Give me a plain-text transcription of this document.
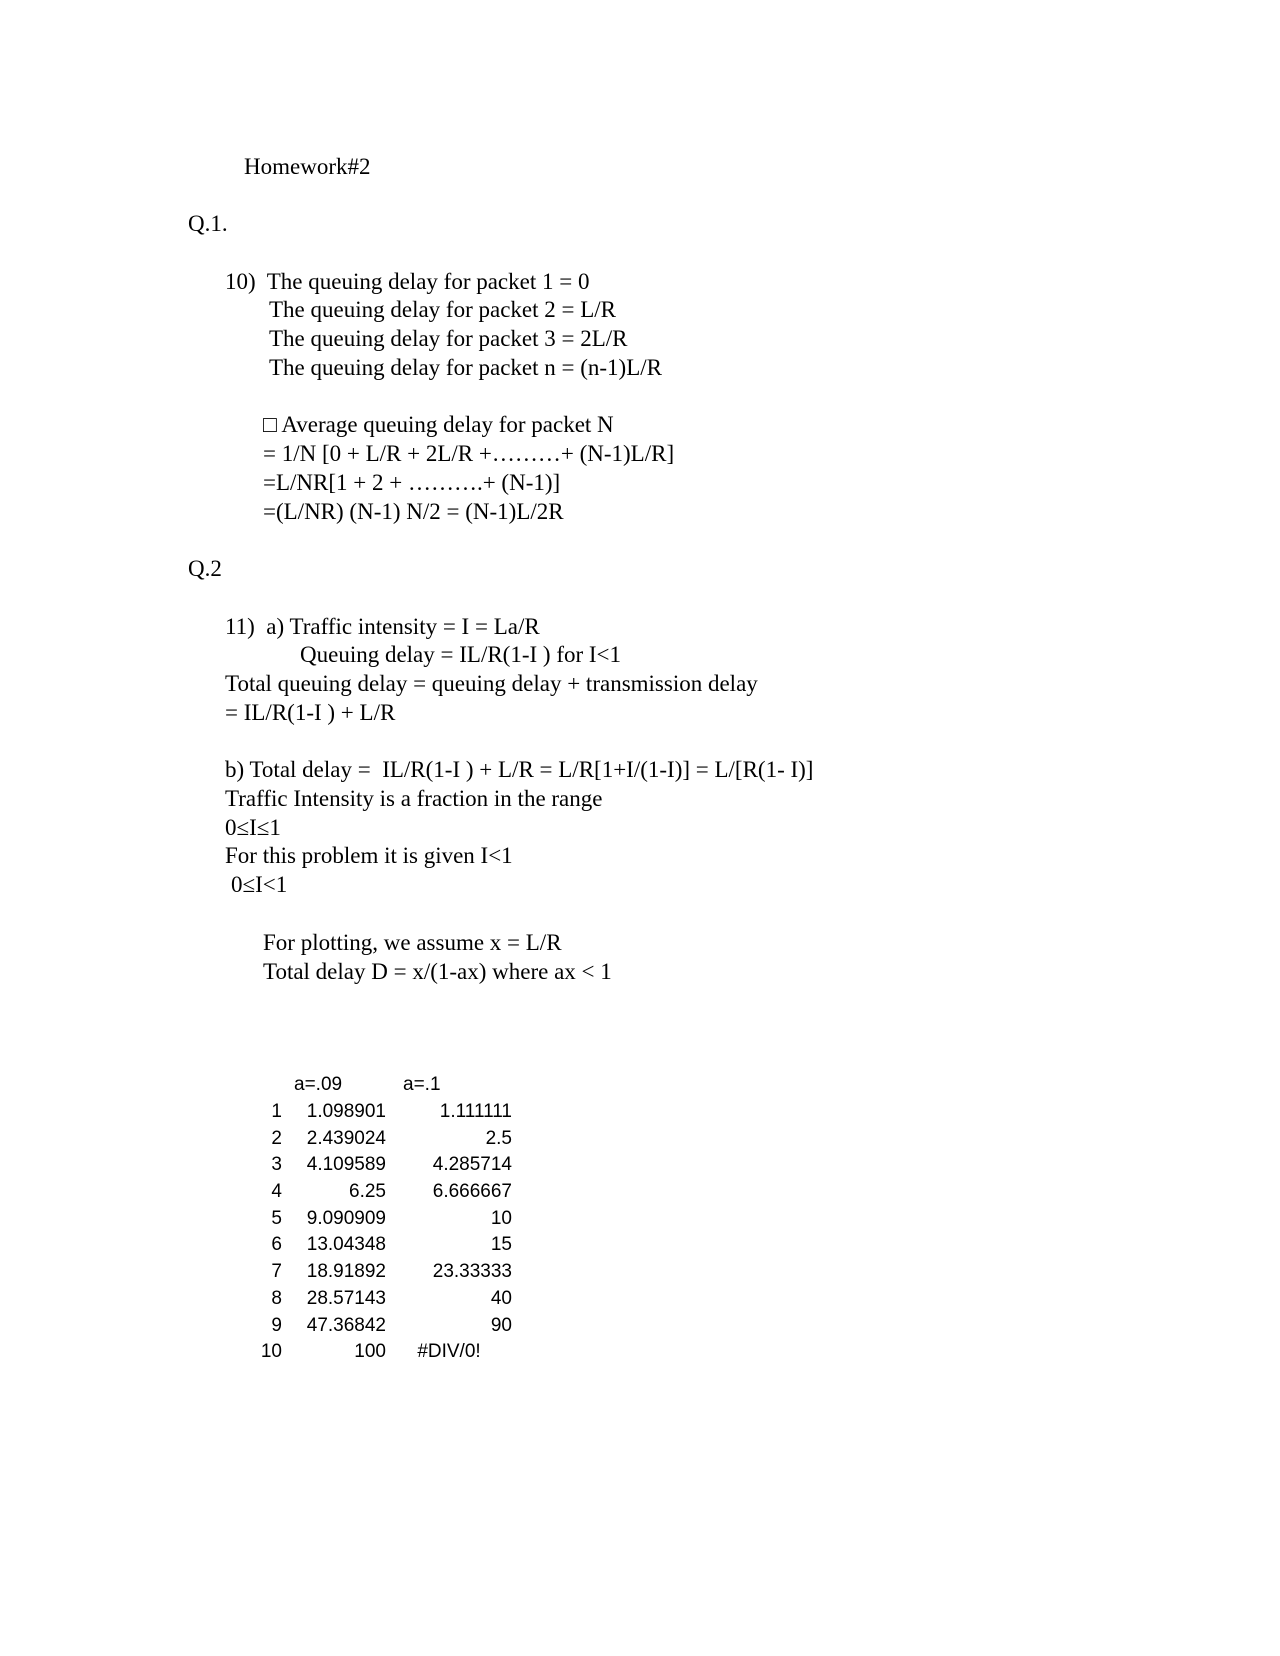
Homework#2
Q.1.
10)  The queuing delay for packet 1 = 0
The queuing delay for packet 2 = L/R
The queuing delay for packet 3 = 2L/R
The queuing delay for packet n = (n-1)L/R
□ Average queuing delay for packet N
= 1/N [0 + L/R + 2L/R +………+ (N-1)L/R]
=L/NR[1 + 2 + ……….+ (N-1)]
=(L/NR) (N-1) N/2 = (N-1)L/2R
Q.2
11)  a) Traffic intensity = I = La/R
Queuing delay = IL/R(1-I ) for I<1
Total queuing delay = queuing delay + transmission delay
= IL/R(1-I ) + L/R
b) Total delay =  IL/R(1-I ) + L/R = L/R[1+I/(1-I)] = L/[R(1- I)]
Traffic Intensity is a fraction in the range
0≤I≤1
For this problem it is given I<1
0≤I<1
For plotting, we assume x = L/R
Total delay D = x/(1-ax) where ax < 1
	a=.09	a=.1
1	1.098901	1.111111
2	2.439024	2.5
3	4.109589	4.285714
4	6.25	6.666667
5	9.090909	10
6	13.04348	15
7	18.91892	23.33333
8	28.57143	40
9	47.36842	90
10	100	#DIV/0!
